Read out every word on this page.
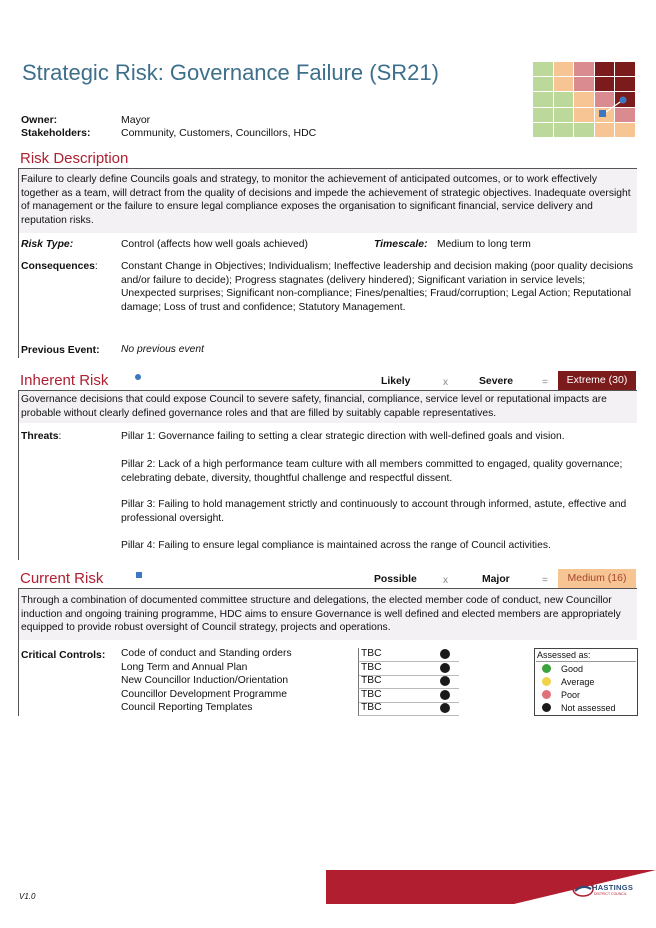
Strategic Risk: Governance Failure (SR21)
Owner:	Mayor
Stakeholders:	Community, Customers, Councillors, HDC
Risk Description
Failure to clearly define Councils goals and strategy, to monitor the achievement of anticipated outcomes, or to work effectively together as a team, will detract from the quality of decisions and impede the achievement of strategic objectives. Inadequate oversight of management or the failure to ensure legal compliance exposes the organisation to significant financial, service delivery and reputation risks.
Risk Type:	Control (affects how well goals achieved)	Timescale: Medium to long term
Consequences: Constant Change in Objectives; Individualism; Ineffective leadership and decision making (poor quality decisions and/or failure to decide); Progress stagnates (delivery hindered); Significant variation in service levels; Unexpected surprises; Significant non-compliance; Fines/penalties; Fraud/corruption; Legal Action; Reputational damage; Loss of trust and confidence; Statutory Management.
Previous Event: No previous event
Inherent Risk	Likely	x	Severe	=	Extreme (30)
Governance decisions that could expose Council to severe safety, financial, compliance, service level or reputational impacts are probable without clearly defined governance roles and that are filled by suitably capable representatives.
Threats:	Pillar 1: Governance failing to setting a clear strategic direction with well-defined goals and vision.
Pillar 2: Lack of a high performance team culture with all members committed to engaged, quality governance; celebrating debate, diversity, thoughtful challenge and respectful dissent.
Pillar 3: Failing to hold management strictly and continuously to account through informed, astute, effective and professional oversight.
Pillar 4: Failing to ensure legal compliance is maintained across the range of Council activities.
Current Risk	Possible	x	Major	=	Medium (16)
Through a combination of documented committee structure and delegations, the elected member code of conduct, new Councillor induction and ongoing training programme, HDC aims to ensure Governance is well defined and elected members are appropriately equipped to provide robust oversight of Council strategy, projects and operations.
Critical Controls: Code of conduct and Standing orders	TBC
Long Term and Annual Plan	TBC
New Councillor Induction/Orientation	TBC
Councillor Development Programme	TBC
Council Reporting Templates	TBC
Assessed as:
Good
Average
Poor
Not assessed
V1.0
HASTINGS
DISTRICT COUNCIL
